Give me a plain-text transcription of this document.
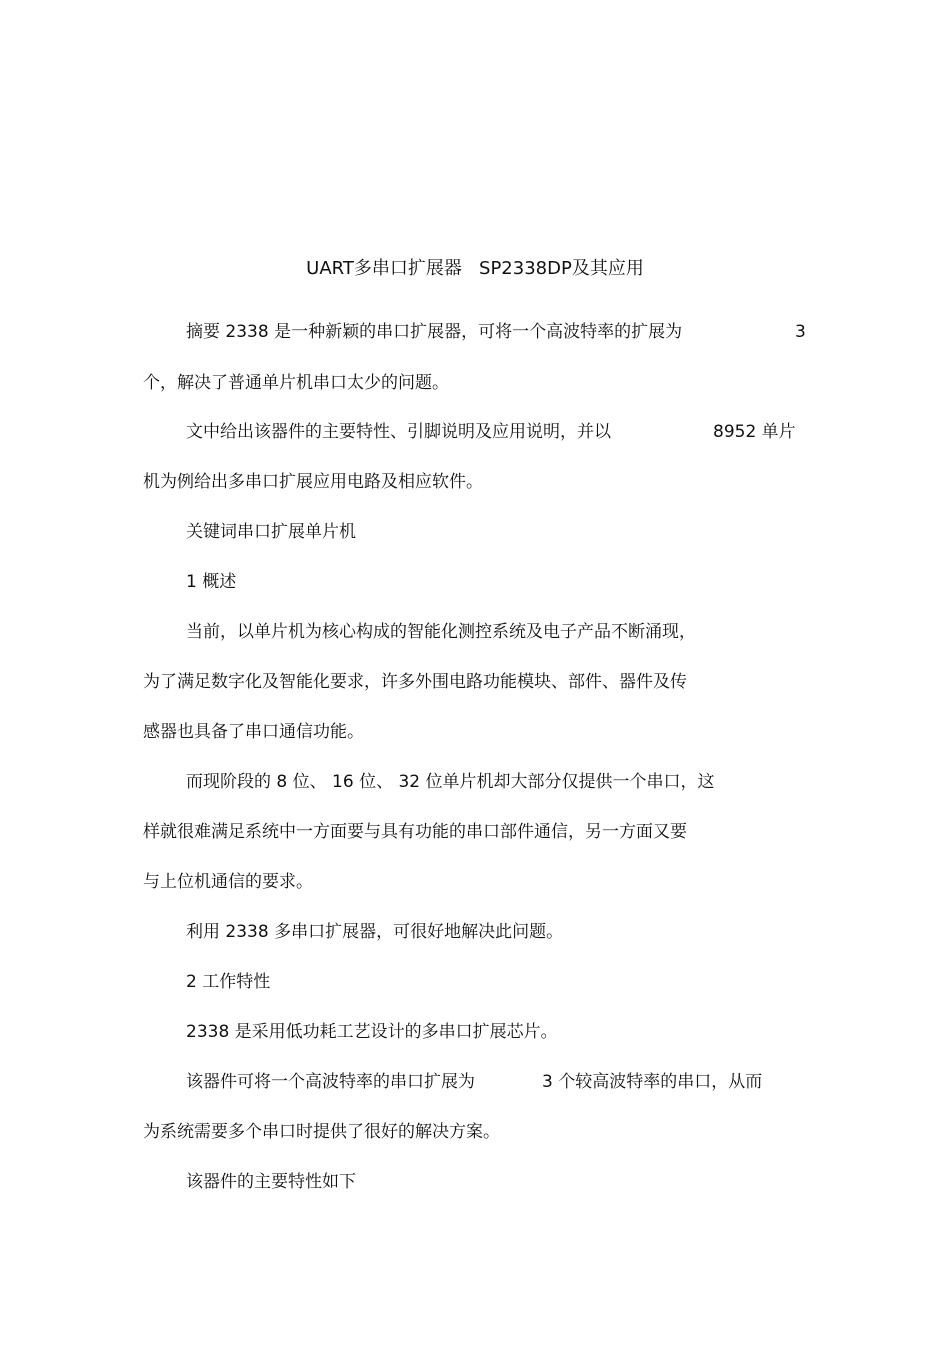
UART多串口扩展器   SP2338DP及其应用

摘要 2338 是一种新颖的串口扩展器，可将一个高波特率的扩展为	3

个，解决了普通单片机串口太少的问题。

文中给出该器件的主要特性、引脚说明及应用说明，并以	8952 单片

机为例给出多串口扩展应用电路及相应软件。

关键词串口扩展单片机

1 概述

当前，以单片机为核心构成的智能化测控系统及电子产品不断涌现，

为了满足数字化及智能化要求，许多外围电路功能模块、部件、器件及传

感器也具备了串口通信功能。

而现阶段的 8 位、 16 位、 32 位单片机却大部分仅提供一个串口，这

样就很难满足系统中一方面要与具有功能的串口部件通信，另一方面又要

与上位机通信的要求。

利用 2338 多串口扩展器，可很好地解决此问题。

2 工作特性

2338 是采用低功耗工艺设计的多串口扩展芯片。

该器件可将一个高波特率的串口扩展为	3 个较高波特率的串口，从而

为系统需要多个串口时提供了很好的解决方案。

该器件的主要特性如下
